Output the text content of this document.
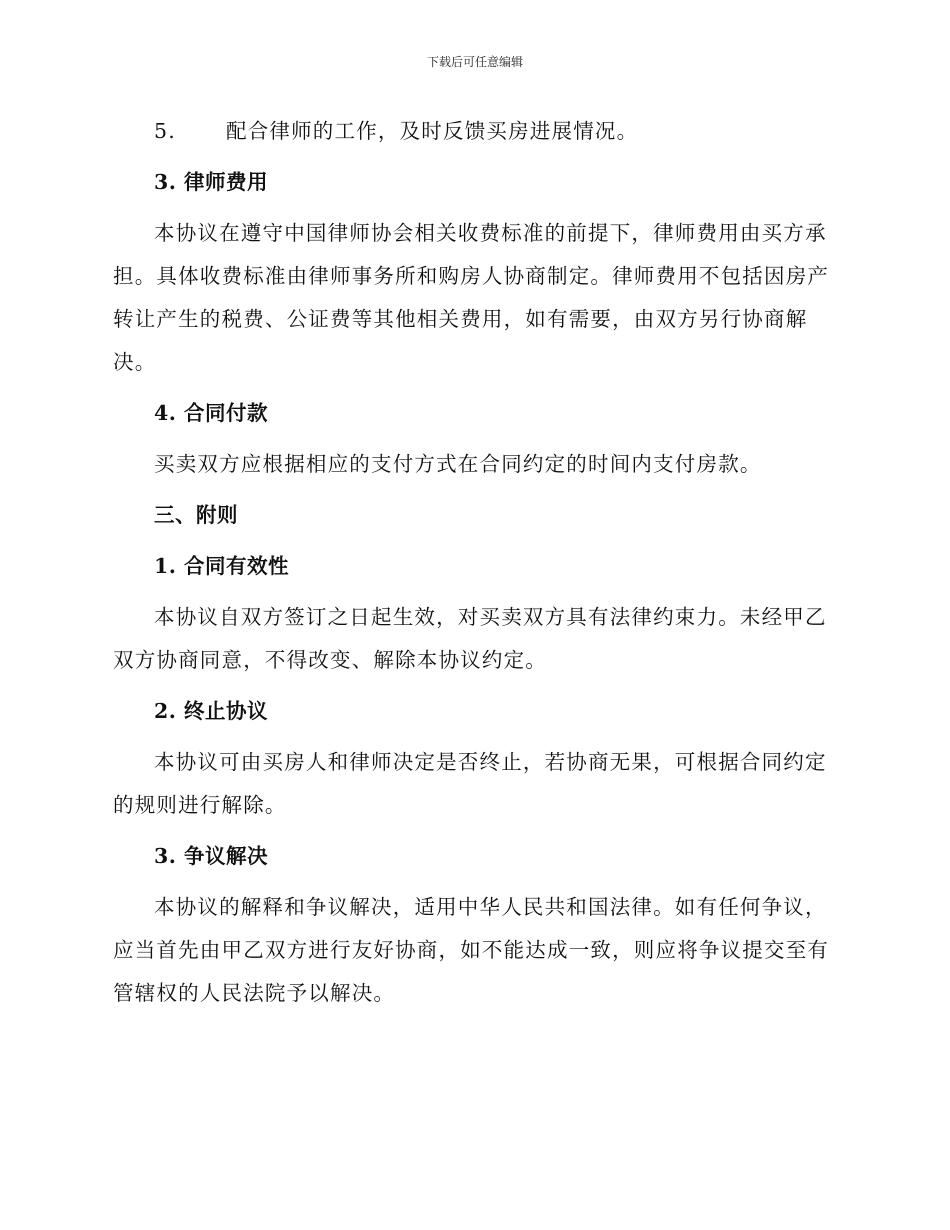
下载后可任意编辑
5. 配合律师的工作，及时反馈买房进展情况。
3. 律师费用

本协议在遵守中国律师协会相关收费标准的前提下，律师费用由买方承担。具体收费标准由律师事务所和购房人协商制定。律师费用不包括因房产转让产生的税费、公证费等其他相关费用，如有需要，由双方另行协商解决。

4. 合同付款

买卖双方应根据相应的支付方式在合同约定的时间内支付房款。

三、附则
1. 合同有效性

本协议自双方签订之日起生效，对买卖双方具有法律约束力。未经甲乙双方协商同意，不得改变、解除本协议约定。

2. 终止协议

本协议可由买房人和律师决定是否终止，若协商无果，可根据合同约定的规则进行解除。

3. 争议解决

本协议的解释和争议解决，适用中华人民共和国法律。如有任何争议，应当首先由甲乙双方进行友好协商，如不能达成一致，则应将争议提交至有管辖权的人民法院予以解决。
